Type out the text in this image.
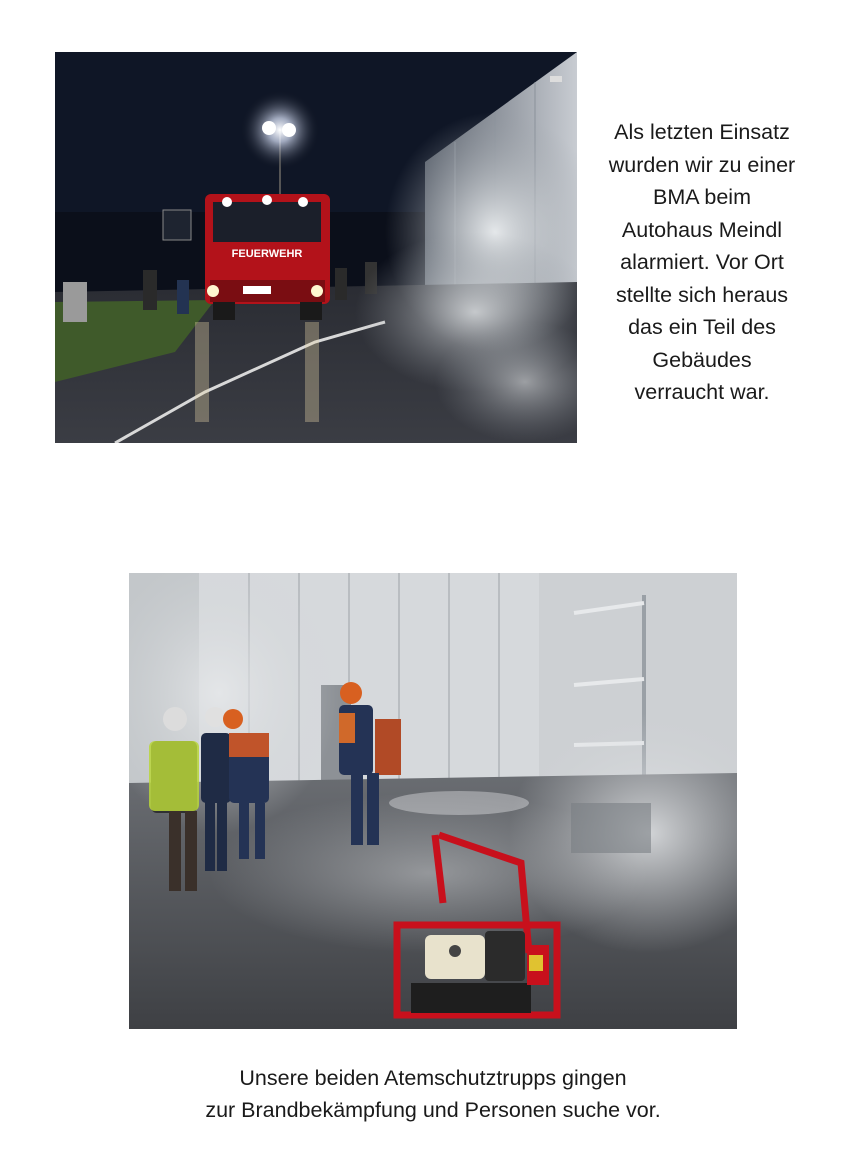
FEUERWEHR
Als letzten Einsatz
wurden wir zu einer
BMA beim
Autohaus Meindl
alarmiert. Vor Ort
stellte sich heraus
das ein Teil des
Gebäudes
verraucht war.
Unsere beiden Atemschutztrupps gingen
zur Brandbekämpfung und Personen suche vor.
